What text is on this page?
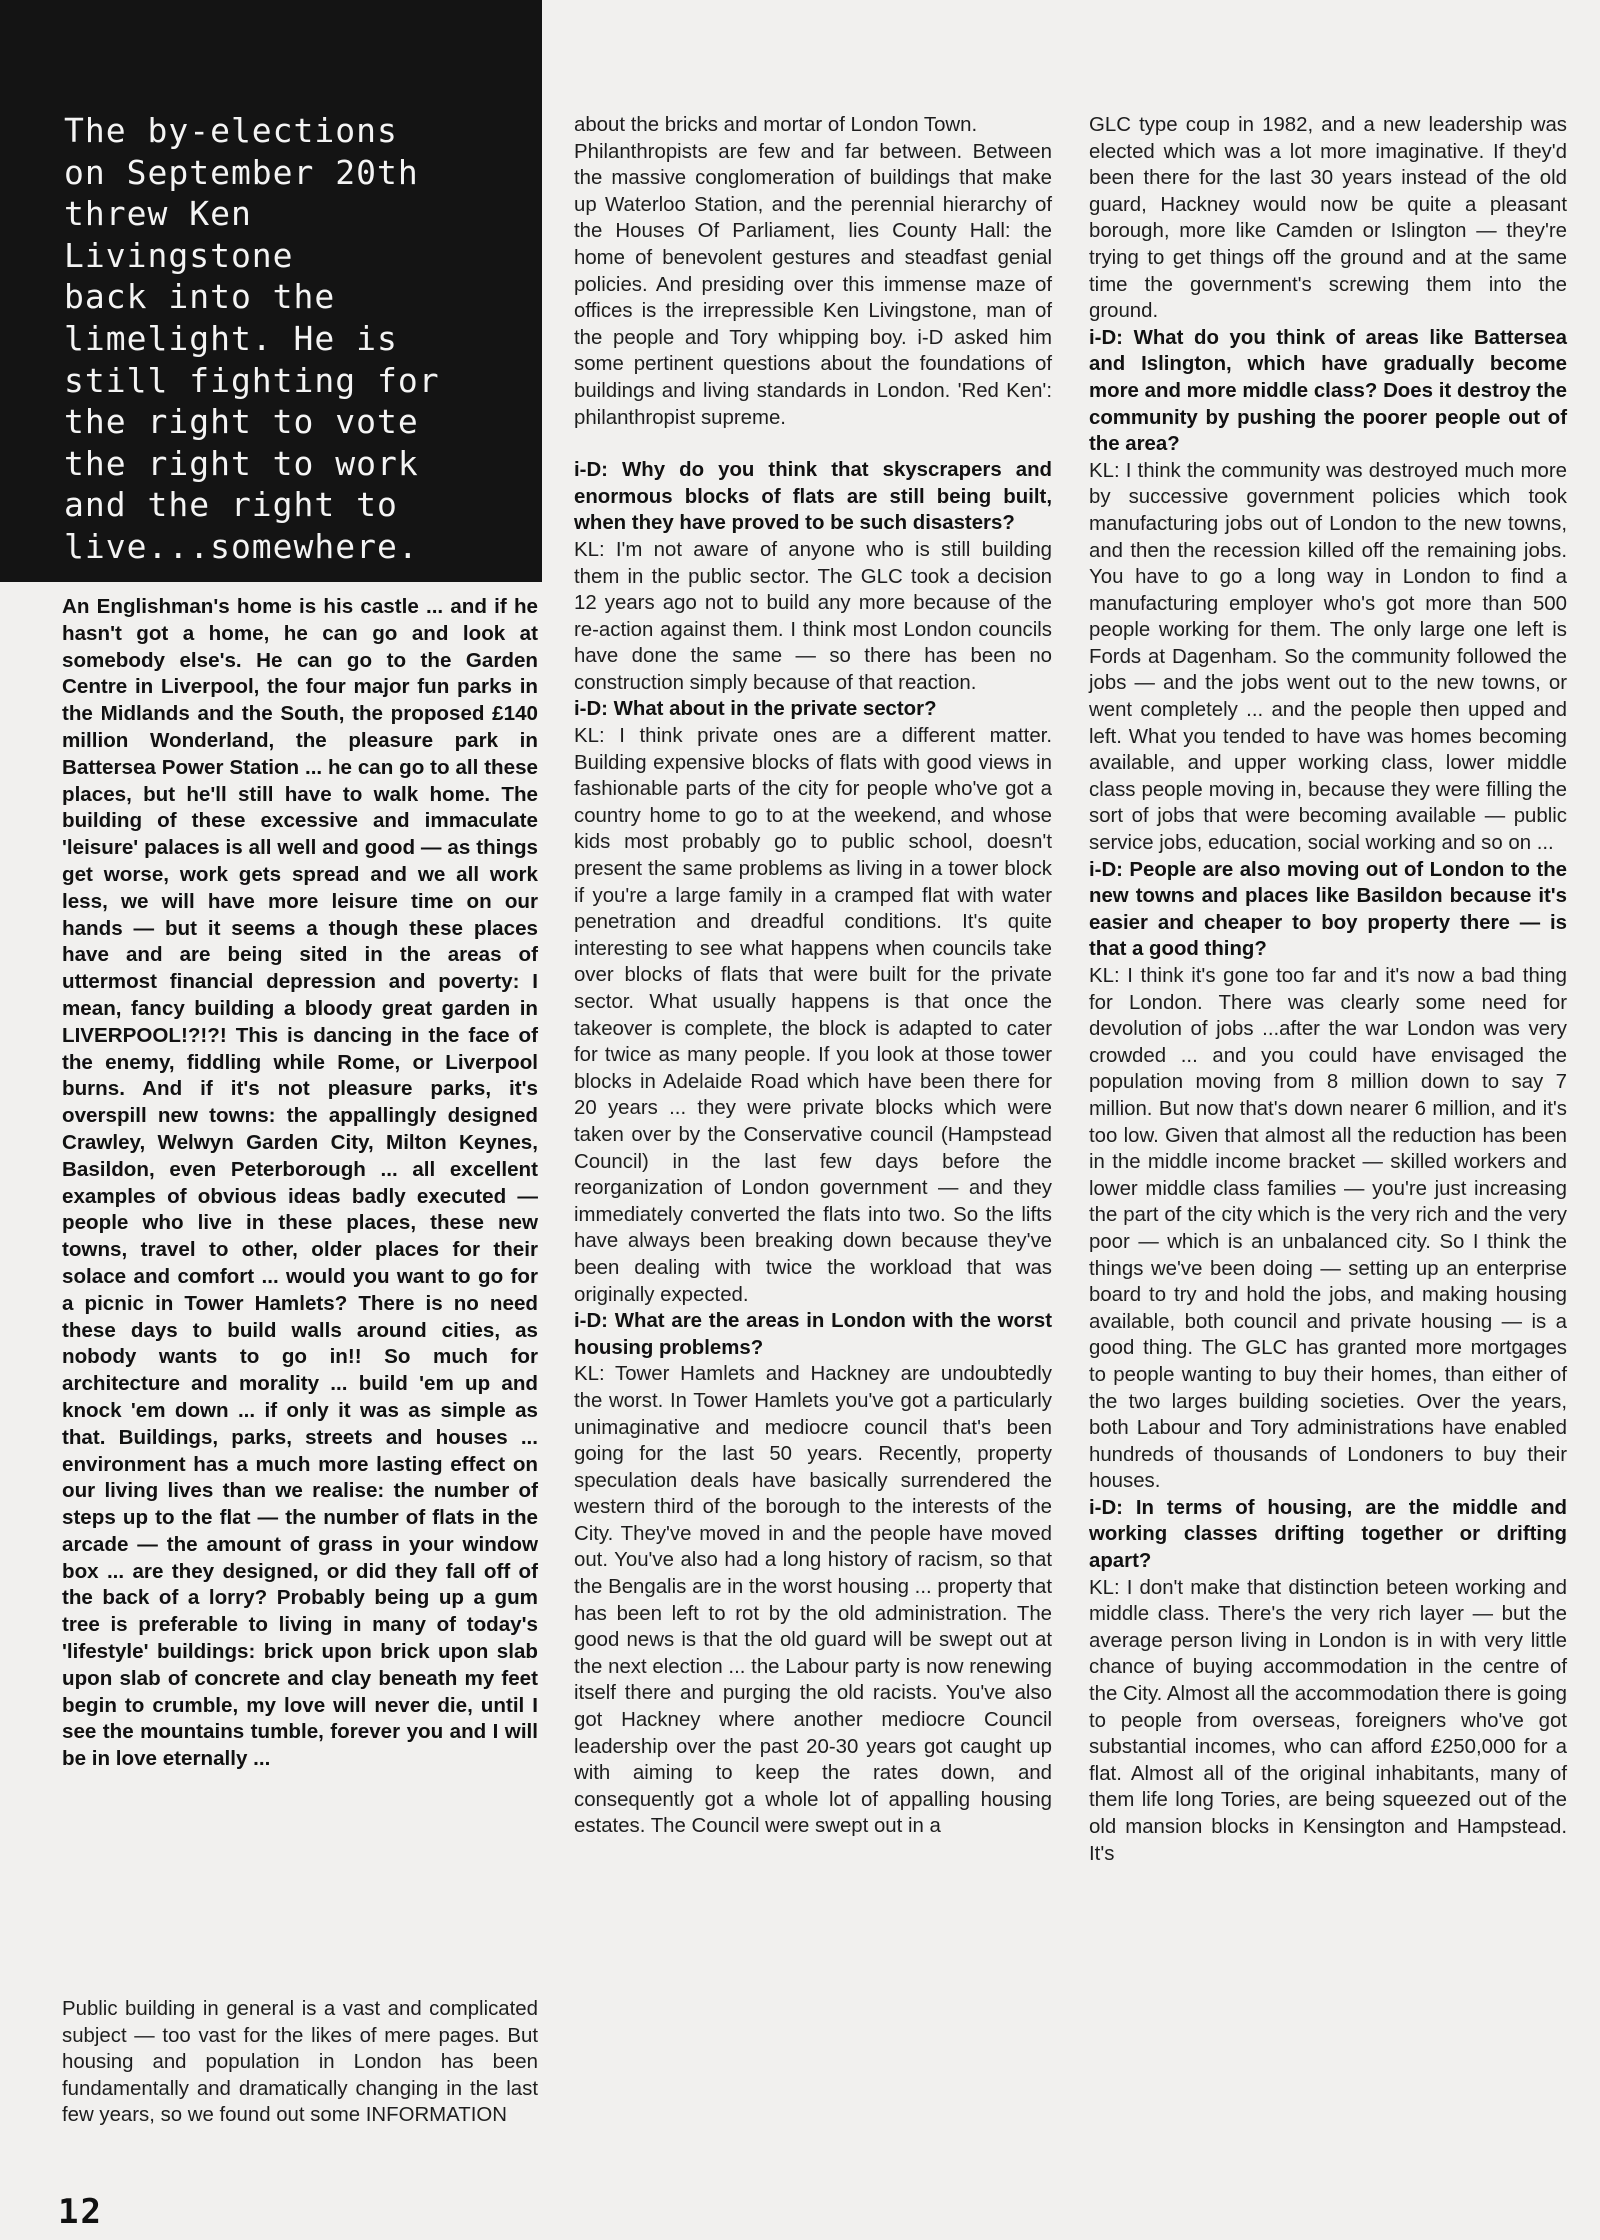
The by-elections
on September 20th
threw Ken
Livingstone
back into the
limelight. He is
still fighting for
the right to vote
the right to work
and the right to
live...somewhere.
An Englishman's home is his castle ... and if he hasn't got a home, he can go and look at somebody else's. He can go to the Garden Centre in Liverpool, the four major fun parks in the Midlands and the South, the proposed £140 million Wonderland, the pleasure park in Battersea Power Station ... he can go to all these places, but he'll still have to walk home. The building of these excessive and immaculate 'leisure' palaces is all well and good — as things get worse, work gets spread and we all work less, we will have more leisure time on our hands — but it seems a though these places have and are being sited in the areas of uttermost financial depression and poverty: I mean, fancy building a bloody great garden in LIVERPOOL!?!?! This is dancing in the face of the enemy, fiddling while Rome, or Liverpool burns. And if it's not pleasure parks, it's overspill new towns: the appallingly designed Crawley, Welwyn Garden City, Milton Keynes, Basildon, even Peterborough ... all excellent examples of obvious ideas badly executed — people who live in these places, these new towns, travel to other, older places for their solace and comfort ... would you want to go for a picnic in Tower Hamlets? There is no need these days to build walls around cities, as nobody wants to go in!! So much for architecture and morality ... build 'em up and knock 'em down ... if only it was as simple as that. Buildings, parks, streets and houses ... environment has a much more lasting effect on our living lives than we realise: the number of steps up to the flat — the number of flats in the arcade — the amount of grass in your window box ... are they designed, or did they fall off of the back of a lorry? Probably being up a gum tree is preferable to living in many of today's 'lifestyle' buildings: brick upon brick upon slab upon slab of concrete and clay beneath my feet begin to crumble, my love will never die, until I see the mountains tumble, forever you and I will be in love eternally ...
Public building in general is a vast and complicated subject — too vast for the likes of mere pages. But housing and population in London has been fundamentally and dramatically changing in the last few years, so we found out some INFORMATION

about the bricks and mortar of London Town.
Philanthropists are few and far between. Between the massive conglomeration of buildings that make up Waterloo Station, and the perennial hierarchy of the Houses Of Parliament, lies County Hall: the home of benevolent gestures and steadfast genial policies. And presiding over this immense maze of offices is the irrepressible Ken Livingstone, man of the people and Tory whipping boy. i-D asked him some pertinent questions about the foundations of buildings and living standards in London. 'Red Ken': philanthropist supreme.

i-D: Why do you think that skyscrapers and enormous blocks of flats are still being built, when they have proved to be such disasters?

KL: I'm not aware of anyone who is still building them in the public sector. The GLC took a decision 12 years ago not to build any more because of the re-action against them. I think most London councils have done the same — so there has been no construction simply because of that reaction.

i-D: What about in the private sector?

KL: I think private ones are a different matter. Building expensive blocks of flats with good views in fashionable parts of the city for people who've got a country home to go to at the weekend, and whose kids most probably go to public school, doesn't present the same problems as living in a tower block if you're a large family in a cramped flat with water penetration and dreadful conditions. It's quite interesting to see what happens when councils take over blocks of flats that were built for the private sector. What usually happens is that once the takeover is complete, the block is adapted to cater for twice as many people. If you look at those tower blocks in Adelaide Road which have been there for 20 years ... they were private blocks which were taken over by the Conservative council (Hampstead Council) in the last few days before the reorganization of London government — and they immediately converted the flats into two. So the lifts have always been breaking down because they've been dealing with twice the workload that was originally expected.

i-D: What are the areas in London with the worst housing problems?

KL: Tower Hamlets and Hackney are undoubtedly the worst. In Tower Hamlets you've got a particularly unimaginative and mediocre council that's been going for the last 50 years. Recently, property speculation deals have basically surrendered the western third of the borough to the interests of the City. They've moved in and the people have moved out. You've also had a long history of racism, so that the Bengalis are in the worst housing ... property that has been left to rot by the old administration. The good news is that the old guard will be swept out at the next election ... the Labour party is now renewing itself there and purging the old racists. You've also got Hackney where another mediocre Council leadership over the past 20-30 years got caught up with aiming to keep the rates down, and consequently got a whole lot of appalling housing estates. The Council were swept out in a

GLC type coup in 1982, and a new leadership was elected which was a lot more imaginative. If they'd been there for the last 30 years instead of the old guard, Hackney would now be quite a pleasant borough, more like Camden or Islington — they're trying to get things off the ground and at the same time the government's screwing them into the ground.

i-D: What do you think of areas like Battersea and Islington, which have gradually become more and more middle class? Does it destroy the community by pushing the poorer people out of the area?

KL: I think the community was destroyed much more by successive government policies which took manufacturing jobs out of London to the new towns, and then the recession killed off the remaining jobs. You have to go a long way in London to find a manufacturing employer who's got more than 500 people working for them. The only large one left is Fords at Dagenham. So the community followed the jobs — and the jobs went out to the new towns, or went completely ... and the people then upped and left. What you tended to have was homes becoming available, and upper working class, lower middle class people moving in, because they were filling the sort of jobs that were becoming available — public service jobs, education, social working and so on ...

i-D: People are also moving out of London to the new towns and places like Basildon because it's easier and cheaper to boy property there — is that a good thing?

KL: I think it's gone too far and it's now a bad thing for London. There was clearly some need for devolution of jobs ...after the war London was very crowded ... and you could have envisaged the population moving from 8 million down to say 7 million. But now that's down nearer 6 million, and it's too low. Given that almost all the reduction has been in the middle income bracket — skilled workers and lower middle class families — you're just increasing the part of the city which is the very rich and the very poor — which is an unbalanced city. So I think the things we've been doing — setting up an enterprise board to try and hold the jobs, and making housing available, both council and private housing — is a good thing. The GLC has granted more mortgages to people wanting to buy their homes, than either of the two larges building societies. Over the years, both Labour and Tory administrations have enabled hundreds of thousands of Londoners to buy their houses.

i-D: In terms of housing, are the middle and working classes drifting together or drifting apart?

KL: I don't make that distinction beteen working and middle class. There's the very rich layer — but the average person living in London is in with very little chance of buying accommodation in the centre of the City. Almost all the accommodation there is going to people from overseas, foreigners who've got substantial incomes, who can afford £250,000 for a flat. Almost all of the original inhabitants, many of them life long Tories, are being squeezed out of the old mansion blocks in Kensington and Hampstead. It's

12
